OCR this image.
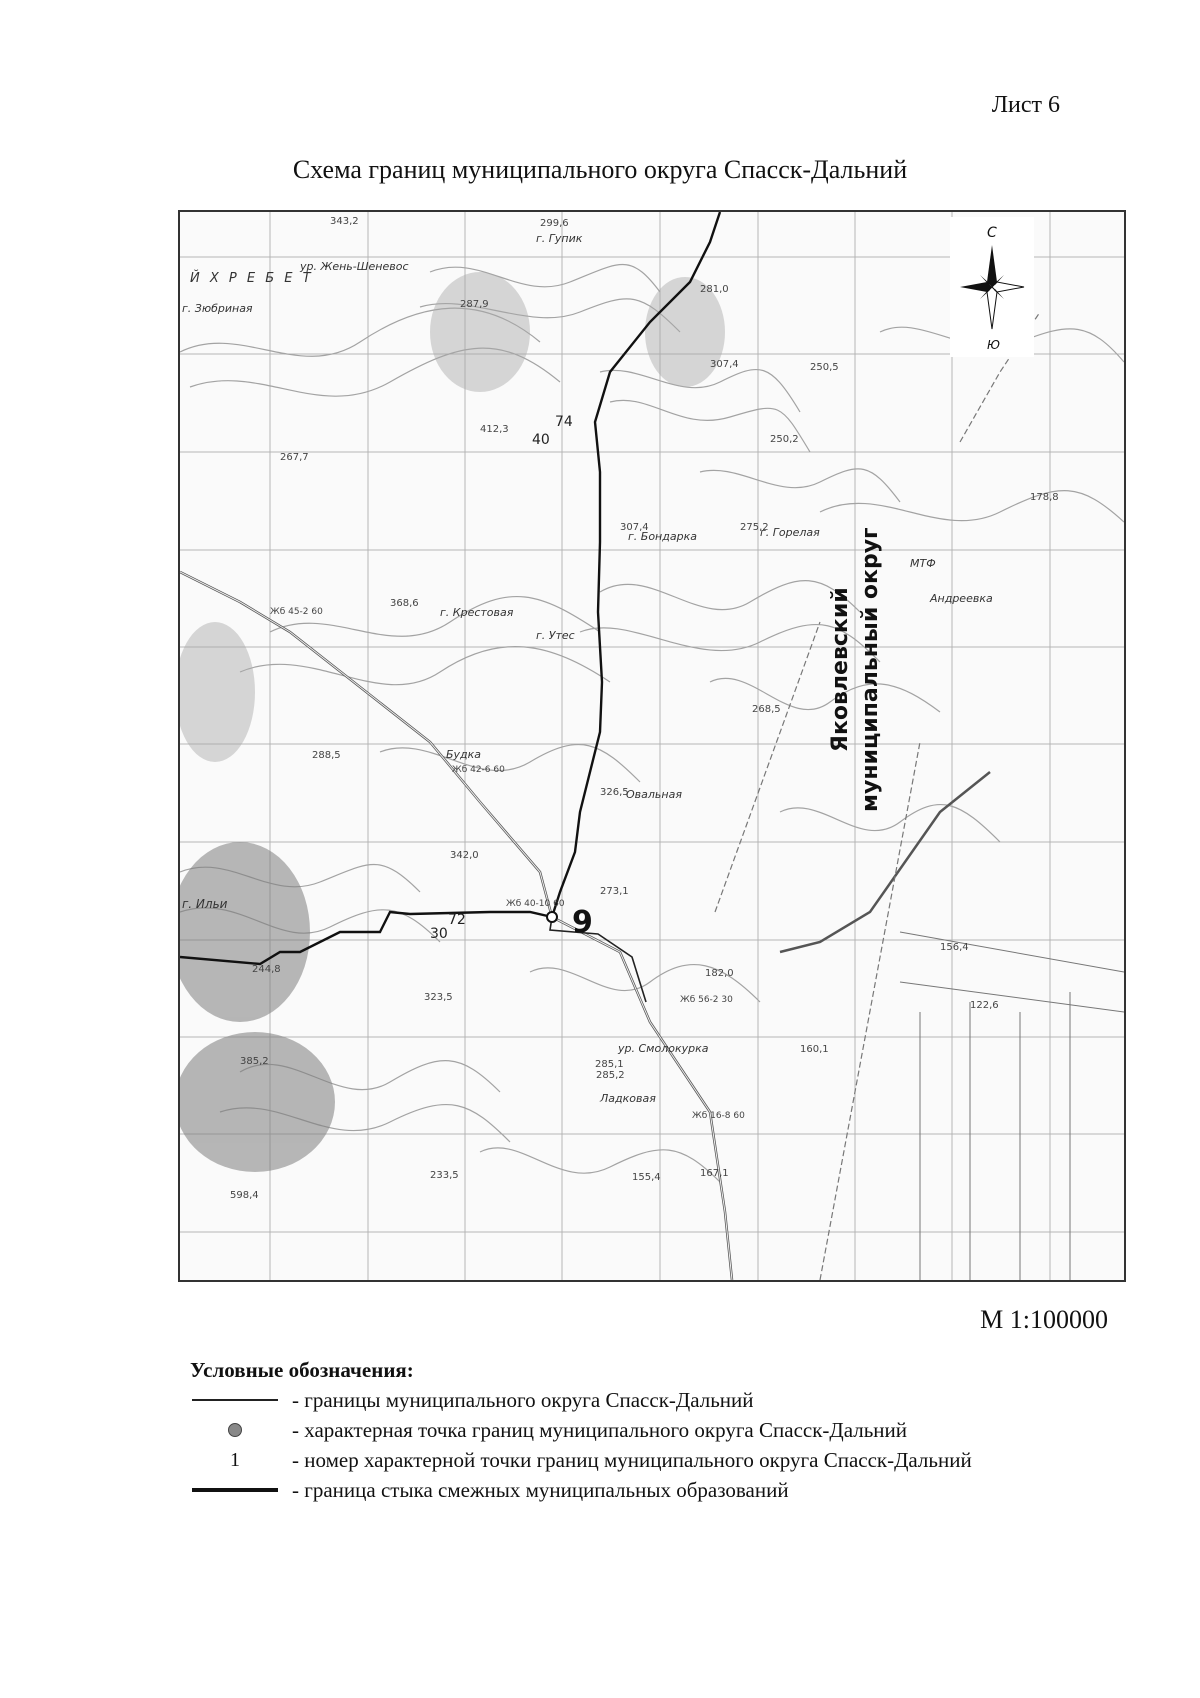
Лист 6
Схема границ муниципального округа Спасск-Дальний
9
40
74
30
72
г. Зюбриная
г. Гупик
ур. Жень-Шеневос
Й Х Р Е Б Е Т
г. Бондарка	г. Горелая
г. Крестовая
г. Утес
Будка
Овальная
г. Ильи
ур. Смолокурка
Ладковая
Андреевка
МТФ
343,2	299,6
287,9
281,0
307,4
412,3
267,7
250,2
250,5
178,8
307,4	275,2
368,6
288,5
342,0
326,5
268,5
273,1
323,5
285,2
233,5	155,4	167,1
182,0
156,4
122,6
160,1
285,1
598,4
385,2
244,8
Жб 40-10 60
Жб 42-6 60
Жб 45-2 60
Жб 56-2 30
Жб 16-8 60
Яковлевский муниципальный округ
С
Ю
М 1:100000
Условные обозначения:
- границы муниципального округа Спасск-Дальний
- характерная точка границ муниципального округа Спасск-Дальний
1 - номер характерной точки границ муниципального округа Спасск-Дальний
- граница стыка смежных муниципальных образований
